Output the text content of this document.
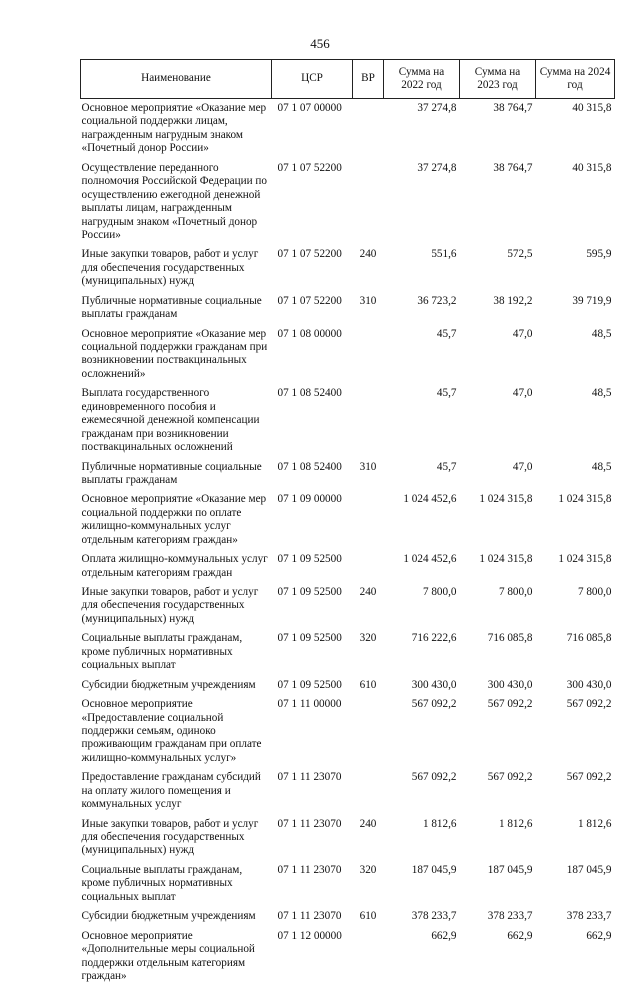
456
Наименование	ЦСР	ВР	Сумма на 2022 год	Сумма на 2023 год	Сумма на 2024 год
Основное мероприятие «Оказание мер социальной поддержки лицам, награжденным нагрудным знаком «Почетный донор России»	07 1 07 00000		37 274,8	38 764,7	40 315,8
Осуществление переданного полномочия Российской Федерации по осуществлению ежегодной денежной выплаты лицам, награжденным нагрудным знаком «Почетный донор России»	07 1 07 52200		37 274,8	38 764,7	40 315,8
Иные закупки товаров, работ и услуг для обеспечения государственных (муниципальных) нужд	07 1 07 52200	240	551,6	572,5	595,9
Публичные нормативные социальные выплаты гражданам	07 1 07 52200	310	36 723,2	38 192,2	39 719,9
Основное мероприятие «Оказание мер социальной поддержки гражданам при возникновении поствакцинальных осложнений»	07 1 08 00000		45,7	47,0	48,5
Выплата государственного единовременного пособия и ежемесячной денежной компенсации гражданам при возникновении поствакцинальных осложнений	07 1 08 52400		45,7	47,0	48,5
Публичные нормативные социальные выплаты гражданам	07 1 08 52400	310	45,7	47,0	48,5
Основное мероприятие «Оказание мер социальной поддержки по оплате жилищно-коммунальных услуг отдельным категориям граждан»	07 1 09 00000		1 024 452,6	1 024 315,8	1 024 315,8
Оплата жилищно-коммунальных услуг отдельным категориям граждан	07 1 09 52500		1 024 452,6	1 024 315,8	1 024 315,8
Иные закупки товаров, работ и услуг для обеспечения государственных (муниципальных) нужд	07 1 09 52500	240	7 800,0	7 800,0	7 800,0
Социальные выплаты гражданам, кроме публичных нормативных социальных выплат	07 1 09 52500	320	716 222,6	716 085,8	716 085,8
Субсидии бюджетным учреждениям	07 1 09 52500	610	300 430,0	300 430,0	300 430,0
Основное мероприятие «Предоставление социальной поддержки семьям, одиноко проживающим гражданам при оплате жилищно-коммунальных услуг»	07 1 11 00000		567 092,2	567 092,2	567 092,2
Предоставление гражданам субсидий на оплату жилого помещения и коммунальных услуг	07 1 11 23070		567 092,2	567 092,2	567 092,2
Иные закупки товаров, работ и услуг для обеспечения государственных (муниципальных) нужд	07 1 11 23070	240	1 812,6	1 812,6	1 812,6
Социальные выплаты гражданам, кроме публичных нормативных социальных выплат	07 1 11 23070	320	187 045,9	187 045,9	187 045,9
Субсидии бюджетным учреждениям	07 1 11 23070	610	378 233,7	378 233,7	378 233,7
Основное мероприятие «Дополнительные меры социальной поддержки отдельным категориям граждан»	07 1 12 00000		662,9	662,9	662,9
